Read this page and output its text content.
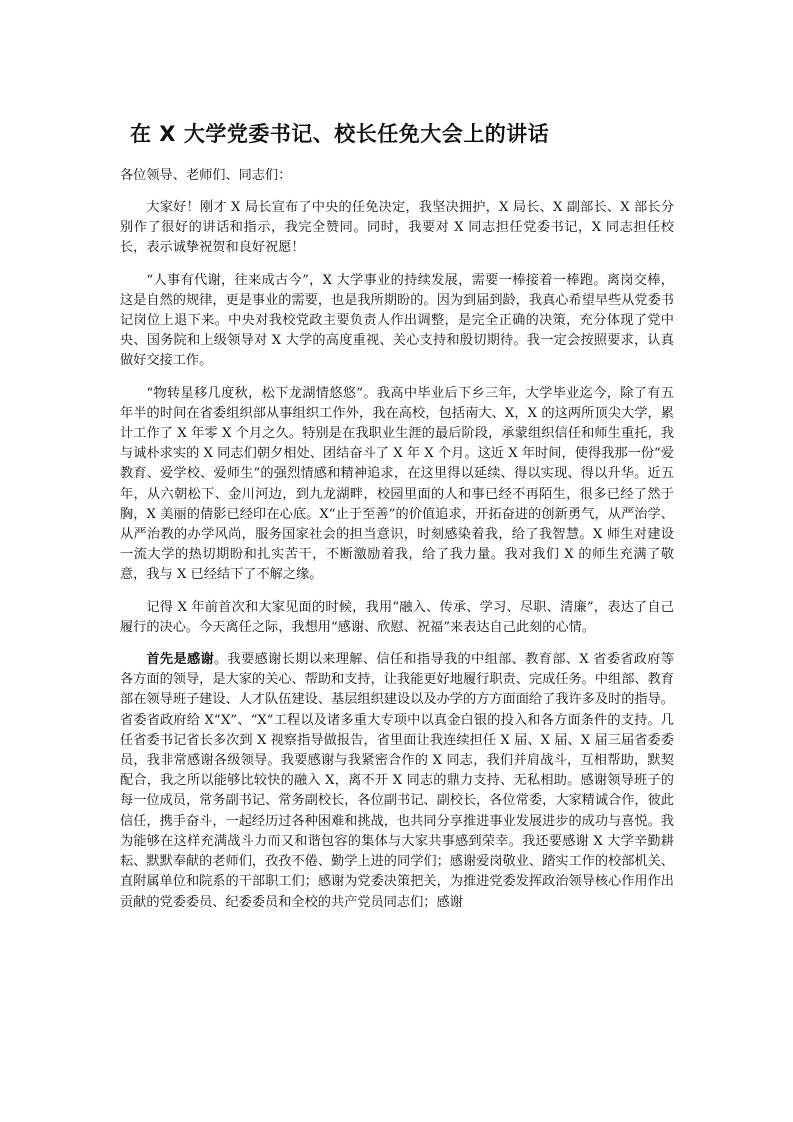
在 X 大学党委书记、校长任免大会上的讲话

各位领导、老师们、同志们：

大家好！刚才 X 局长宣布了中央的任免决定，我坚决拥护，X 局长、X 副部长、X 部长分别作了很好的讲话和指示，我完全赞同。同时，我要对 X 同志担任党委书记，X 同志担任校长，表示诚挚祝贺和良好祝愿！

“人事有代谢，往来成古今”，X 大学事业的持续发展，需要一棒接着一棒跑。离岗交棒，这是自然的规律，更是事业的需要，也是我所期盼的。因为到届到龄，我真心希望早些从党委书记岗位上退下来。中央对我校党政主要负责人作出调整，是完全正确的决策，充分体现了党中央、国务院和上级领导对 X 大学的高度重视、关心支持和殷切期待。我一定会按照要求，认真做好交接工作。

“物转星移几度秋，松下龙湖情悠悠”。我高中毕业后下乡三年，大学毕业迄今，除了有五年半的时间在省委组织部从事组织工作外，我在高校，包括南大、X，X 的这两所顶尖大学，累计工作了 X 年零 X 个月之久。特别是在我职业生涯的最后阶段，承蒙组织信任和师生重托，我与诚朴求实的 X 同志们朝夕相处、团结奋斗了 X 年 X 个月。这近 X 年时间，使得我那一份“爱教育、爱学校、爱师生”的强烈情感和精神追求，在这里得以延续、得以实现、得以升华。近五年，从六朝松下、金川河边，到九龙湖畔，校园里面的人和事已经不再陌生，很多已经了然于胸，X 美丽的倩影已经印在心底。X“止于至善”的价值追求，开拓奋进的创新勇气，从严治学、从严治教的办学风尚，服务国家社会的担当意识，时刻感染着我，给了我智慧。X 师生对建设一流大学的热切期盼和扎实苦干，不断激励着我，给了我力量。我对我们 X 的师生充满了敬意，我与 X 已经结下了不解之缘。

记得 X 年前首次和大家见面的时候，我用“融入、传承、学习、尽职、清廉”，表达了自己履行的决心。今天离任之际，我想用“感谢、欣慰、祝福”来表达自己此刻的心情。

首先是感谢。我要感谢长期以来理解、信任和指导我的中组部、教育部、X 省委省政府等各方面的领导，是大家的关心、帮助和支持，让我能更好地履行职责、完成任务。中组部、教育部在领导班子建设、人才队伍建设、基层组织建设以及办学的方方面面给了我许多及时的指导。省委省政府给 X“X”、“X”工程以及诸多重大专项中以真金白银的投入和各方面条件的支持。几任省委书记省长多次到 X 视察指导做报告，省里面让我连续担任 X 届、X 届、X 届三届省委委员，我非常感谢各级领导。我要感谢与我紧密合作的 X 同志，我们并肩战斗，互相帮助，默契配合，我之所以能够比较快的融入 X，离不开 X 同志的鼎力支持、无私相助。感谢领导班子的每一位成员，常务副书记、常务副校长，各位副书记、副校长，各位常委，大家精诚合作，彼此信任，携手奋斗，一起经历过各种困难和挑战，也共同分享推进事业发展进步的成功与喜悦。我为能够在这样充满战斗力而又和谐包容的集体与大家共事感到荣幸。我还要感谢 X 大学辛勤耕耘、默默奉献的老师们，孜孜不倦、勤学上进的同学们；感谢爱岗敬业、踏实工作的校部机关、直附属单位和院系的干部职工们；感谢为党委决策把关，为推进党委发挥政治领导核心作用作出贡献的党委委员、纪委委员和全校的共产党员同志们；感谢
